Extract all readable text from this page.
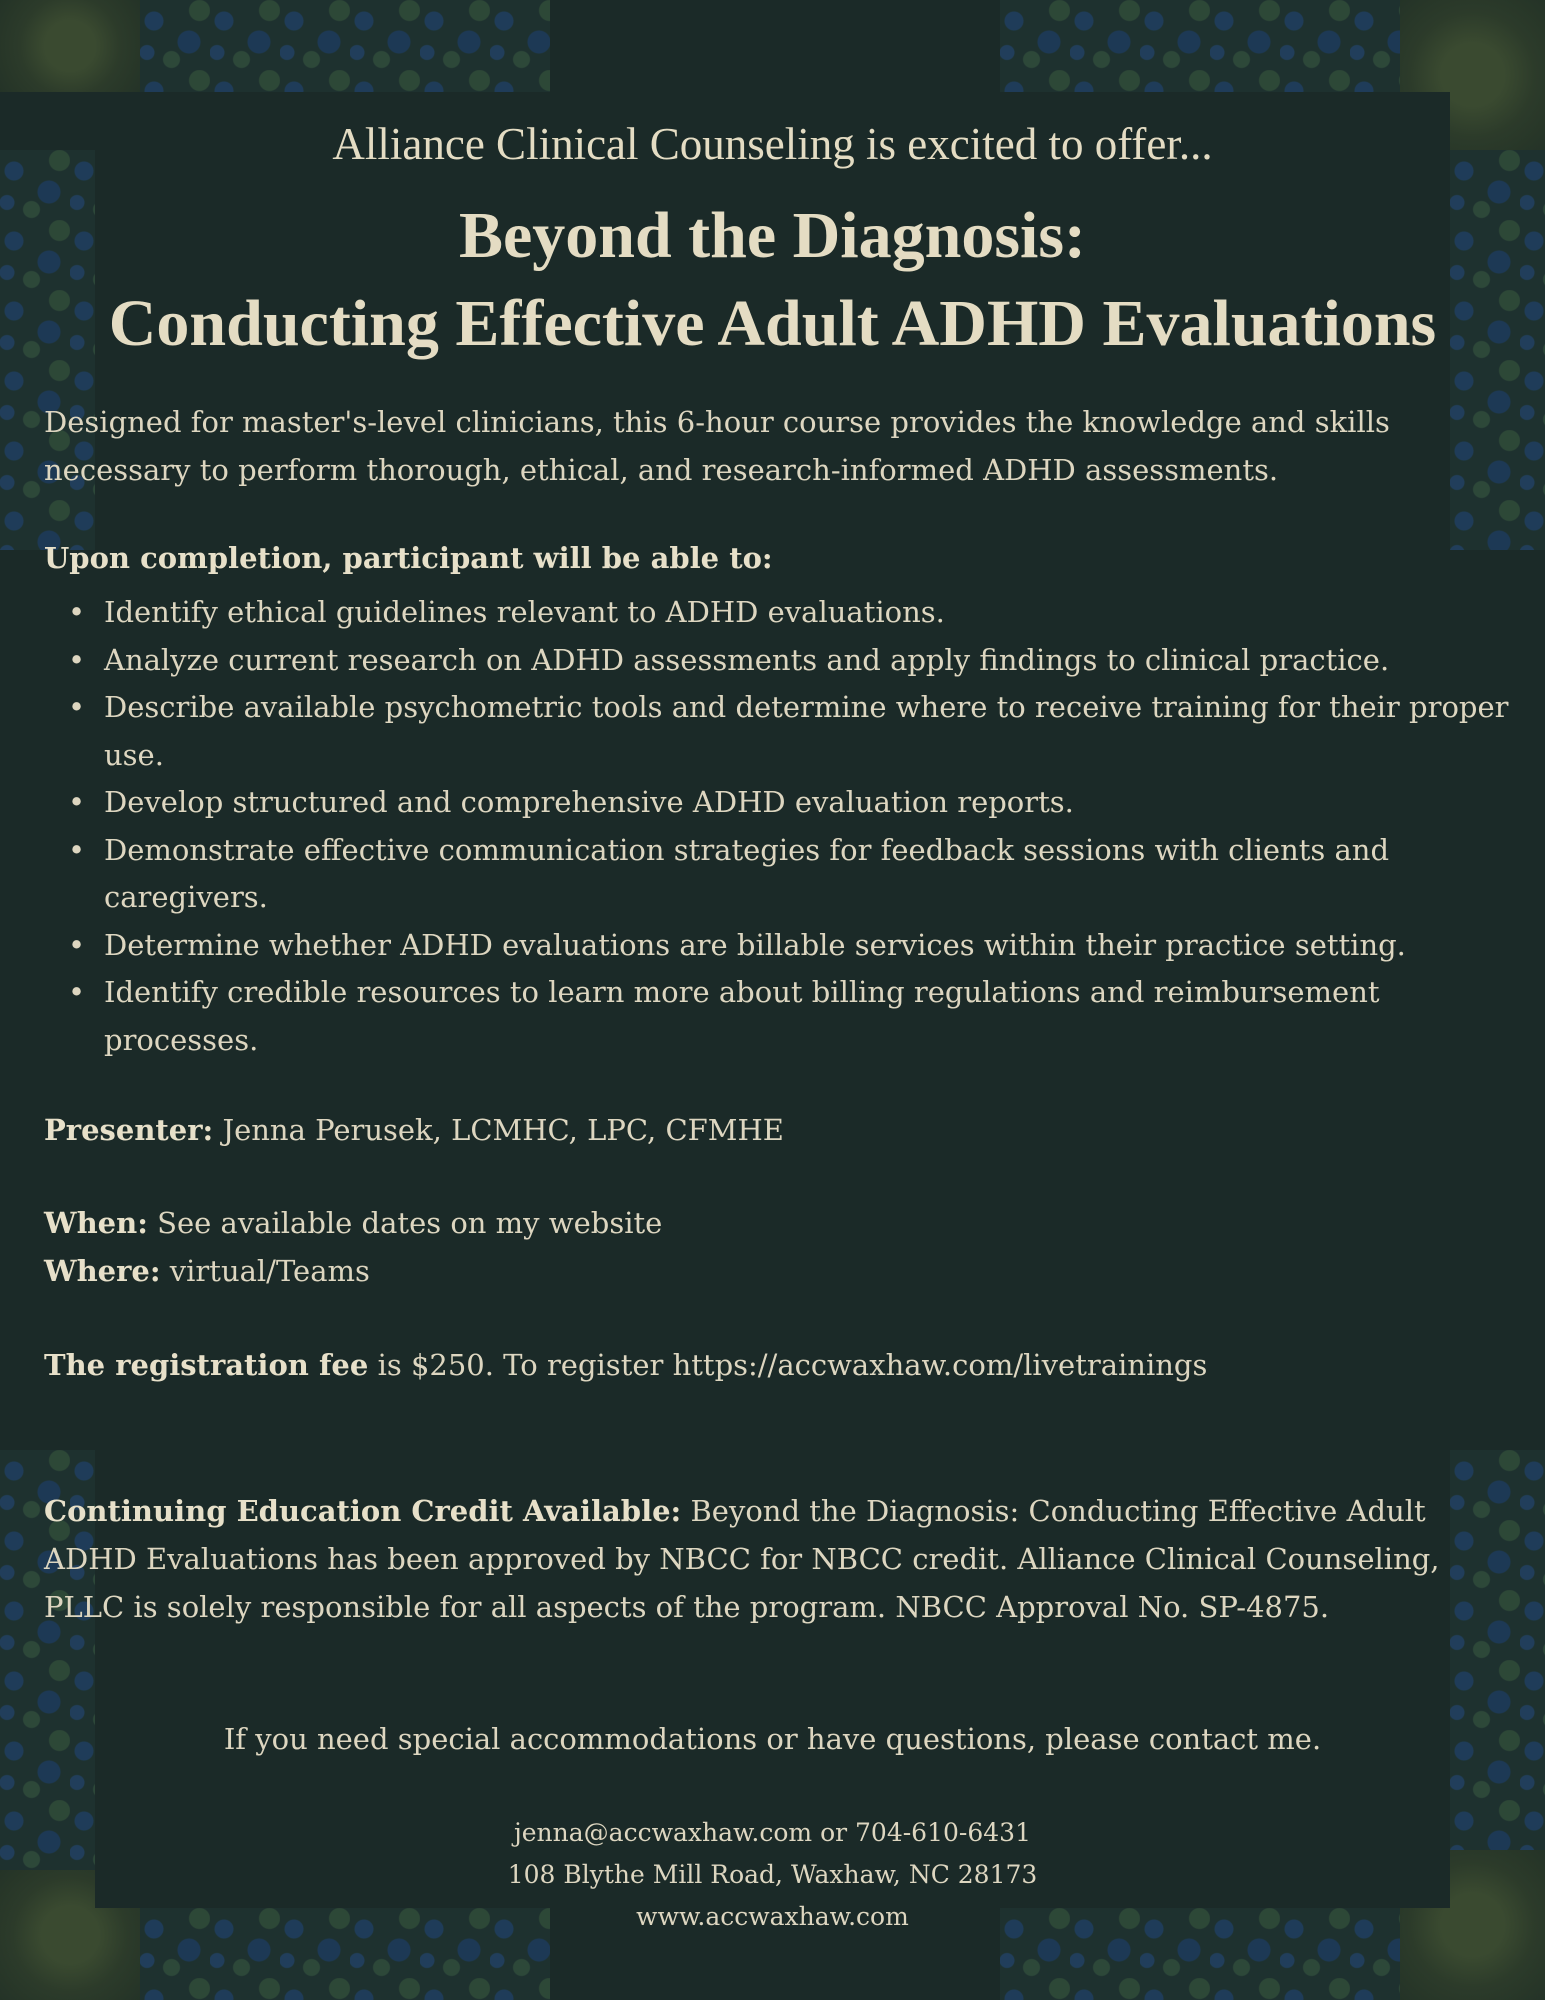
Alliance Clinical Counseling is excited to offer...
Beyond the Diagnosis:
Conducting Effective Adult ADHD Evaluations
Designed for master's-level clinicians, this 6-hour course provides the knowledge and skills necessary to perform thorough, ethical, and research-informed ADHD assessments.
Upon completion, participant will be able to:
• Identify ethical guidelines relevant to ADHD evaluations.
• Analyze current research on ADHD assessments and apply findings to clinical practice.
• Describe available psychometric tools and determine where to receive training for their proper use.
• Develop structured and comprehensive ADHD evaluation reports.
• Demonstrate effective communication strategies for feedback sessions with clients and caregivers.
• Determine whether ADHD evaluations are billable services within their practice setting.
• Identify credible resources to learn more about billing regulations and reimbursement processes.
Presenter: Jenna Perusek, LCMHC, LPC, CFMHE
When: See available dates on my website
Where: virtual/Teams
The registration fee is $250. To register https://accwaxhaw.com/livetrainings
Continuing Education Credit Available: Beyond the Diagnosis: Conducting Effective Adult ADHD Evaluations has been approved by NBCC for NBCC credit. Alliance Clinical Counseling, PLLC is solely responsible for all aspects of the program. NBCC Approval No. SP-4875.
If you need special accommodations or have questions, please contact me.
jenna@accwaxhaw.com or 704-610-6431
108 Blythe Mill Road, Waxhaw, NC 28173
www.accwaxhaw.com
